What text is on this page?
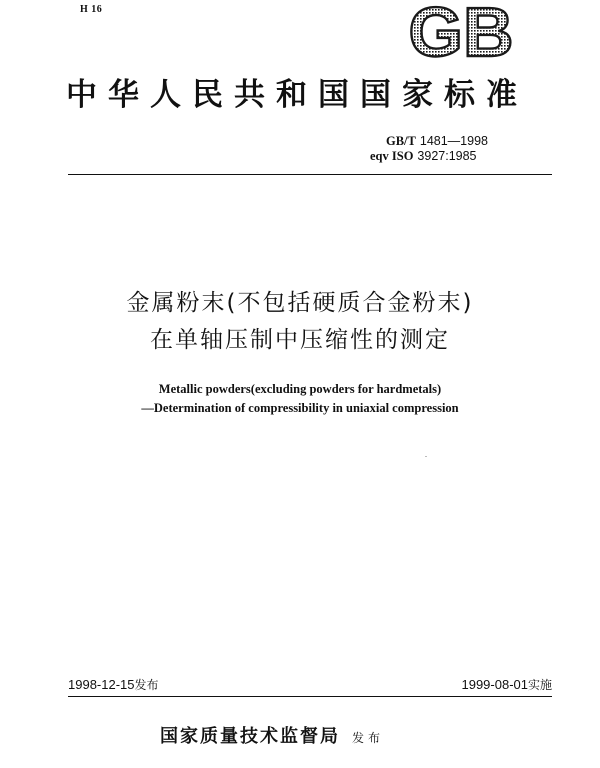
H 16	GB
中华人民共和国国家标准
GB/T 1481—1998
eqv ISO 3927:1985
金属粉末(不包括硬质合金粉末)
在单轴压制中压缩性的测定
Metallic powders(excluding powders for hardmetals)
—Determination of compressibility in uniaxial compression
1998-12-15发布	1999-08-01实施
国家质量技术监督局 发布
